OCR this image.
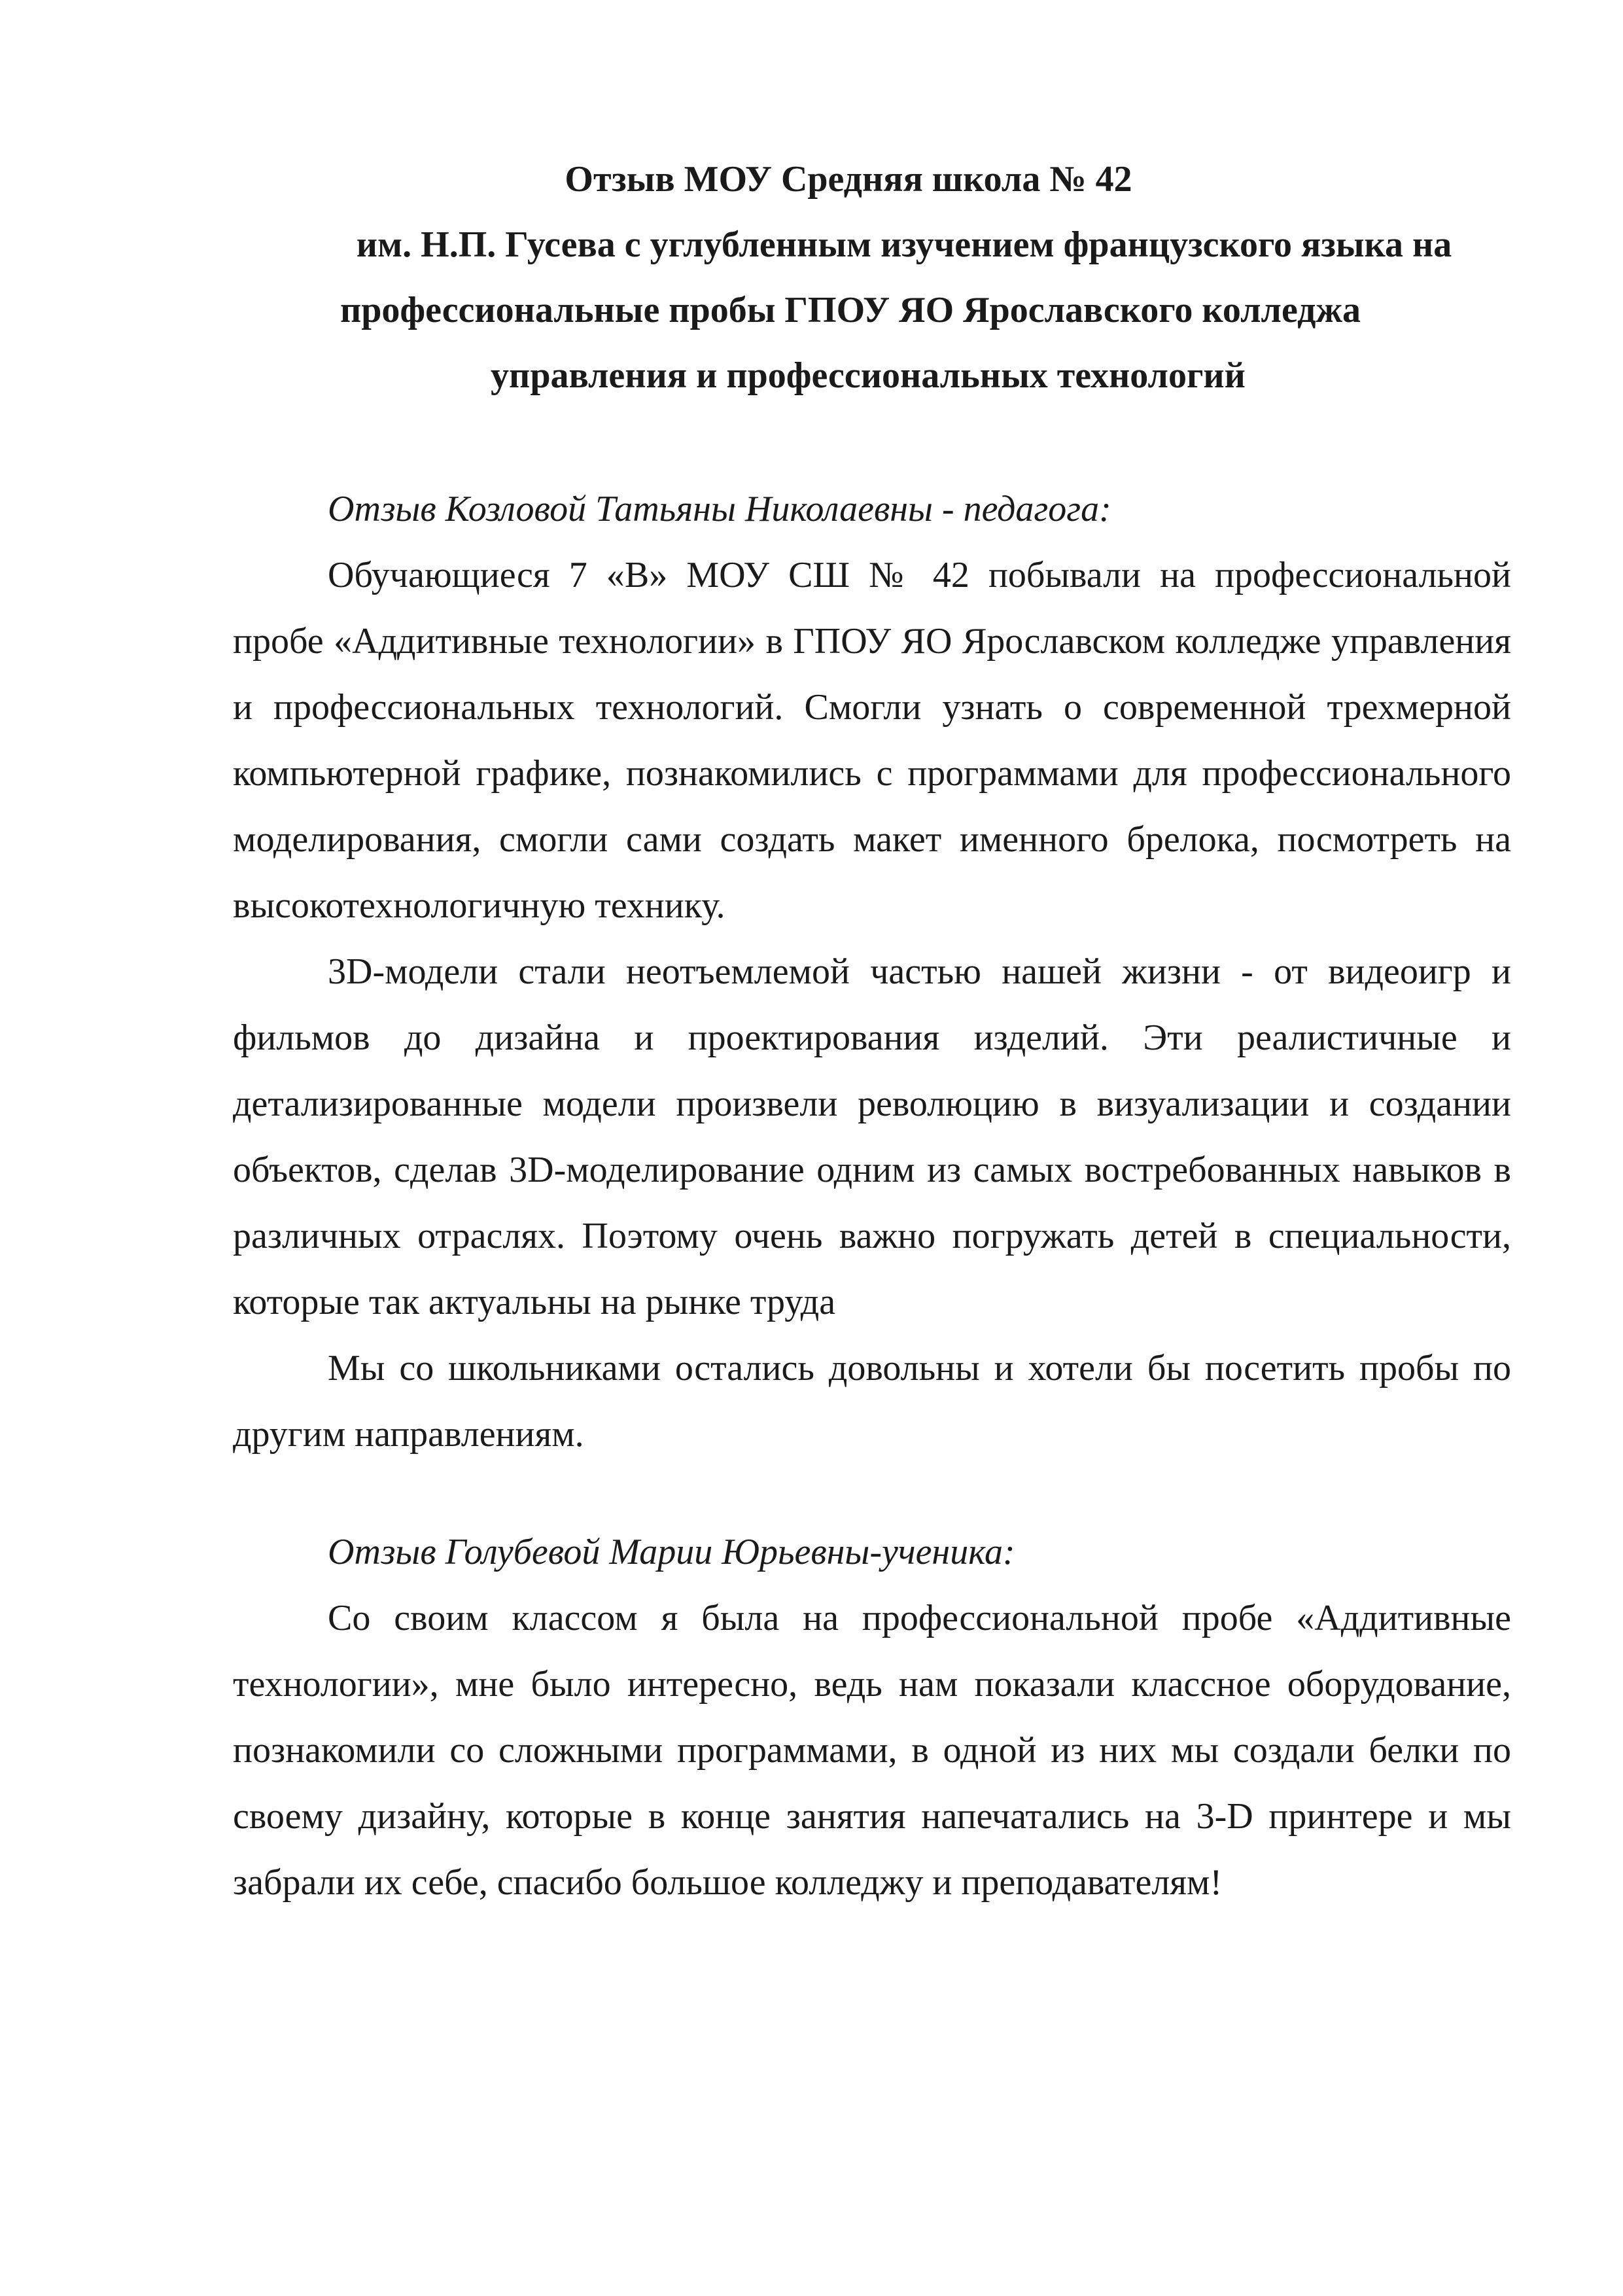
Отзыв МОУ Средняя школа № 42
им. Н.П. Гусева с углубленным изучением французского языка на
профессиональные пробы ГПОУ ЯО Ярославского колледжа
управления и профессиональных технологий

Отзыв Козловой Татьяны Николаевны - педагога:

Обучающиеся 7 «В» МОУ СШ № 42 побывали на профессиональной пробе «Аддитивные технологии» в ГПОУ ЯО Ярославском колледже управления и профессиональных технологий. Смогли узнать о современной трехмерной компьютерной графике, познакомились с программами для профессионального моделирования, смогли сами создать макет именного брелока, посмотреть на высокотехнологичную технику.

3D-модели стали неотъемлемой частью нашей жизни - от видеоигр и фильмов до дизайна и проектирования изделий. Эти реалистичные и детализированные модели произвели революцию в визуализации и создании объектов, сделав 3D-моделирование одним из самых востребованных навыков в различных отраслях. Поэтому очень важно погружать детей в специальности, которые так актуальны на рынке труда

Мы со школьниками остались довольны и хотели бы посетить пробы по другим направлениям.

Отзыв Голубевой Марии Юрьевны-ученика:

Со своим классом я была на профессиональной пробе «Аддитивные технологии», мне было интересно, ведь нам показали классное оборудование, познакомили со сложными программами, в одной из них мы создали белки по своему дизайну, которые в конце занятия напечатались на 3-D принтере и мы забрали их себе, спасибо большое колледжу и преподавателям!
